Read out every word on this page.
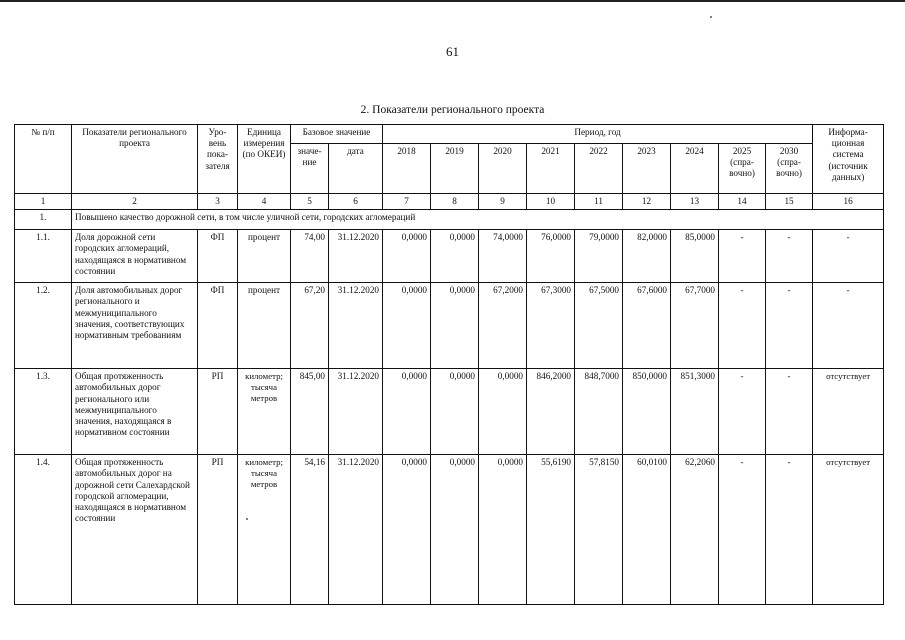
61
2. Показатели регионального проекта
№ п/п	Показатели регионального проекта	Уро-вень пока-зателя	Единица измерения (по ОКЕИ)	Базовое значение		Период, год									Информа-ционная система (источник данных)
				значе-ние	дата	2018	2019	2020	2021	2022	2023	2024	2025 (спра-вочно)	2030 (спра-вочно)	
1	2	3	4	5	6	7	8	9	10	11	12	13	14	15	16
1.	Повышено качество дорожной сети, в том числе уличной сети, городских агломераций														
1.1.	Доля дорожной сети городских агломераций, находящаяся в нормативном состоянии	ФП	процент	74,00	31.12.2020	0,0000	0,0000	74,0000	76,0000	79,0000	82,0000	85,0000	-	-	-
1.2.	Доля автомобильных дорог регионального и межмуниципального значения, соответствующих нормативным требованиям	ФП	процент	67,20	31.12.2020	0,0000	0,0000	67,2000	67,3000	67,5000	67,6000	67,7000	-	-	-
1.3.	Общая протяженность автомобильных дорог регионального или межмуниципального значения, находящаяся в нормативном состоянии	РП	километр; тысяча метров	845,00	31.12.2020	0,0000	0,0000	0,0000	846,2000	848,7000	850,0000	851,3000	-	-	отсутствует
1.4.	Общая протяженность автомобильных дорог на дорожной сети Салехардской городской агломерации, находящаяся в нормативном состоянии	РП	километр; тысяча метров	54,16	31.12.2020	0,0000	0,0000	0,0000	55,6190	57,8150	60,0100	62,2060	-	-	отсутствует
